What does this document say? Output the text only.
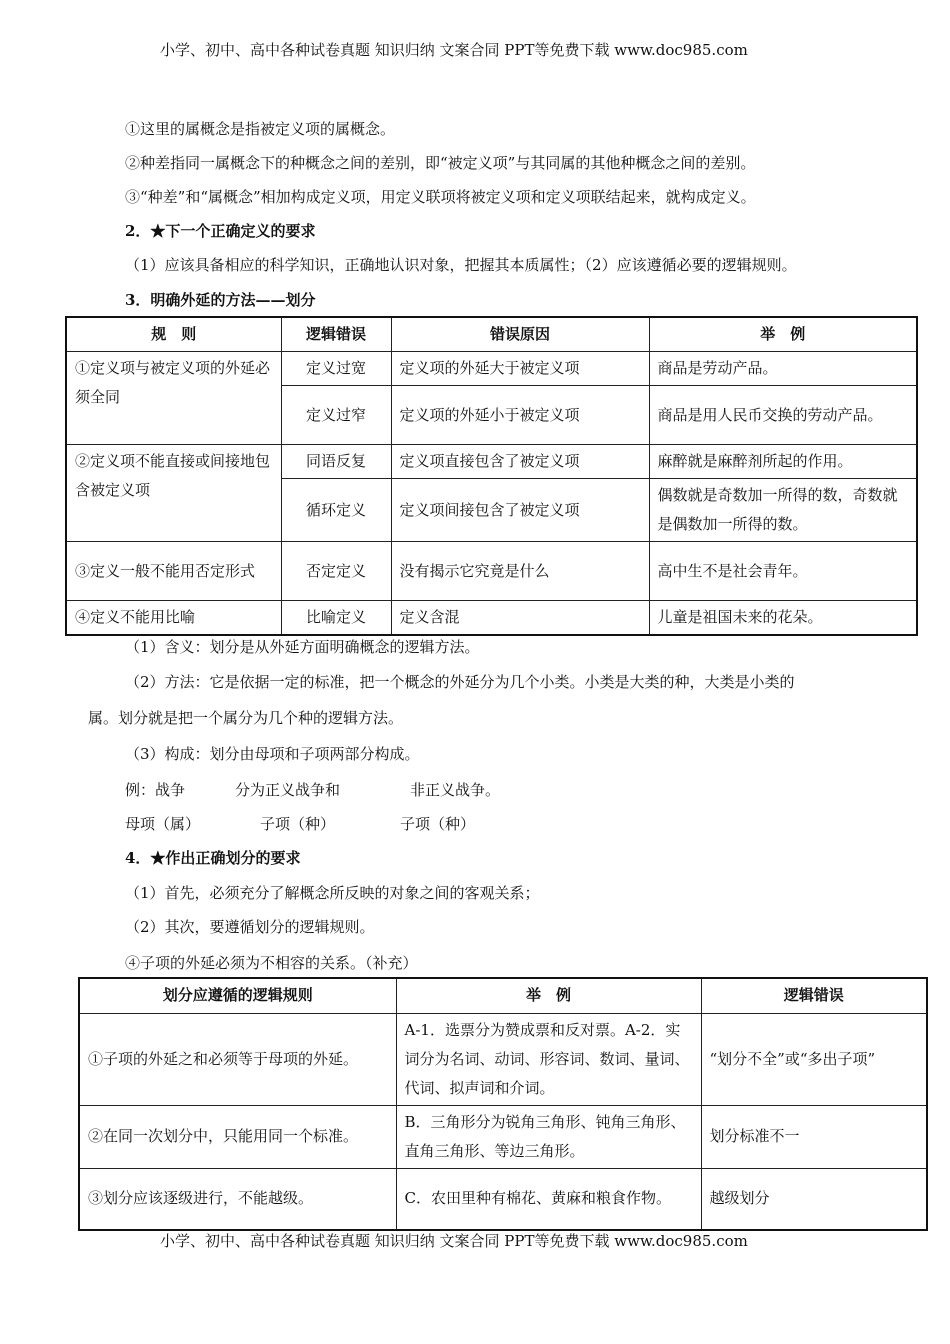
小学、初中、高中各种试卷真题 知识归纳 文案合同 PPT等免费下载 www.doc985.com
①这里的属概念是指被定义项的属概念。
②种差指同一属概念下的种概念之间的差别，即“被定义项”与其同属的其他种概念之间的差别。
③“种差”和“属概念”相加构成定义项，用定义联项将被定义项和定义项联结起来，就构成定义。
2．★下一个正确定义的要求
（1）应该具备相应的科学知识，正确地认识对象，把握其本质属性；（2）应该遵循必要的逻辑规则。
3．明确外延的方法——划分
规　则	逻辑错误	错误原因	举　例
①定义项与被定义项的外延必须全同	定义过宽	定义项的外延大于被定义项	商品是劳动产品。
	定义过窄	定义项的外延小于被定义项	商品是用人民币交换的劳动产品。
②定义项不能直接或间接地包含被定义项	同语反复	定义项直接包含了被定义项	麻醉就是麻醉剂所起的作用。
	循环定义	定义项间接包含了被定义项	偶数就是奇数加一所得的数，奇数就是偶数加一所得的数。
③定义一般不能用否定形式	否定定义	没有揭示它究竟是什么	高中生不是社会青年。
④定义不能用比喻	比喻定义	定义含混	儿童是祖国未来的花朵。
（1）含义：划分是从外延方面明确概念的逻辑方法。
（2）方法：它是依据一定的标准，把一个概念的外延分为几个小类。小类是大类的种，大类是小类的
属。划分就是把一个属分为几个种的逻辑方法。
（3）构成：划分由母项和子项两部分构成。
例：战争	分为正义战争和	非正义战争。
母项（属）	子项（种）	子项（种）
4．★作出正确划分的要求
（1）首先，必须充分了解概念所反映的对象之间的客观关系；
（2）其次，要遵循划分的逻辑规则。
④子项的外延必须为不相容的关系。（补充）
划分应遵循的逻辑规则	举　例	逻辑错误
①子项的外延之和必须等于母项的外延。	A-1．选票分为赞成票和反对票。A-2．实词分为名词、动词、形容词、数词、量词、代词、拟声词和介词。	“划分不全”或“多出子项”
②在同一次划分中，只能用同一个标准。	B．三角形分为锐角三角形、钝角三角形、直角三角形、等边三角形。	划分标准不一
③划分应该逐级进行，不能越级。	C．农田里种有棉花、黄麻和粮食作物。	越级划分
小学、初中、高中各种试卷真题 知识归纳 文案合同 PPT等免费下载 www.doc985.com
